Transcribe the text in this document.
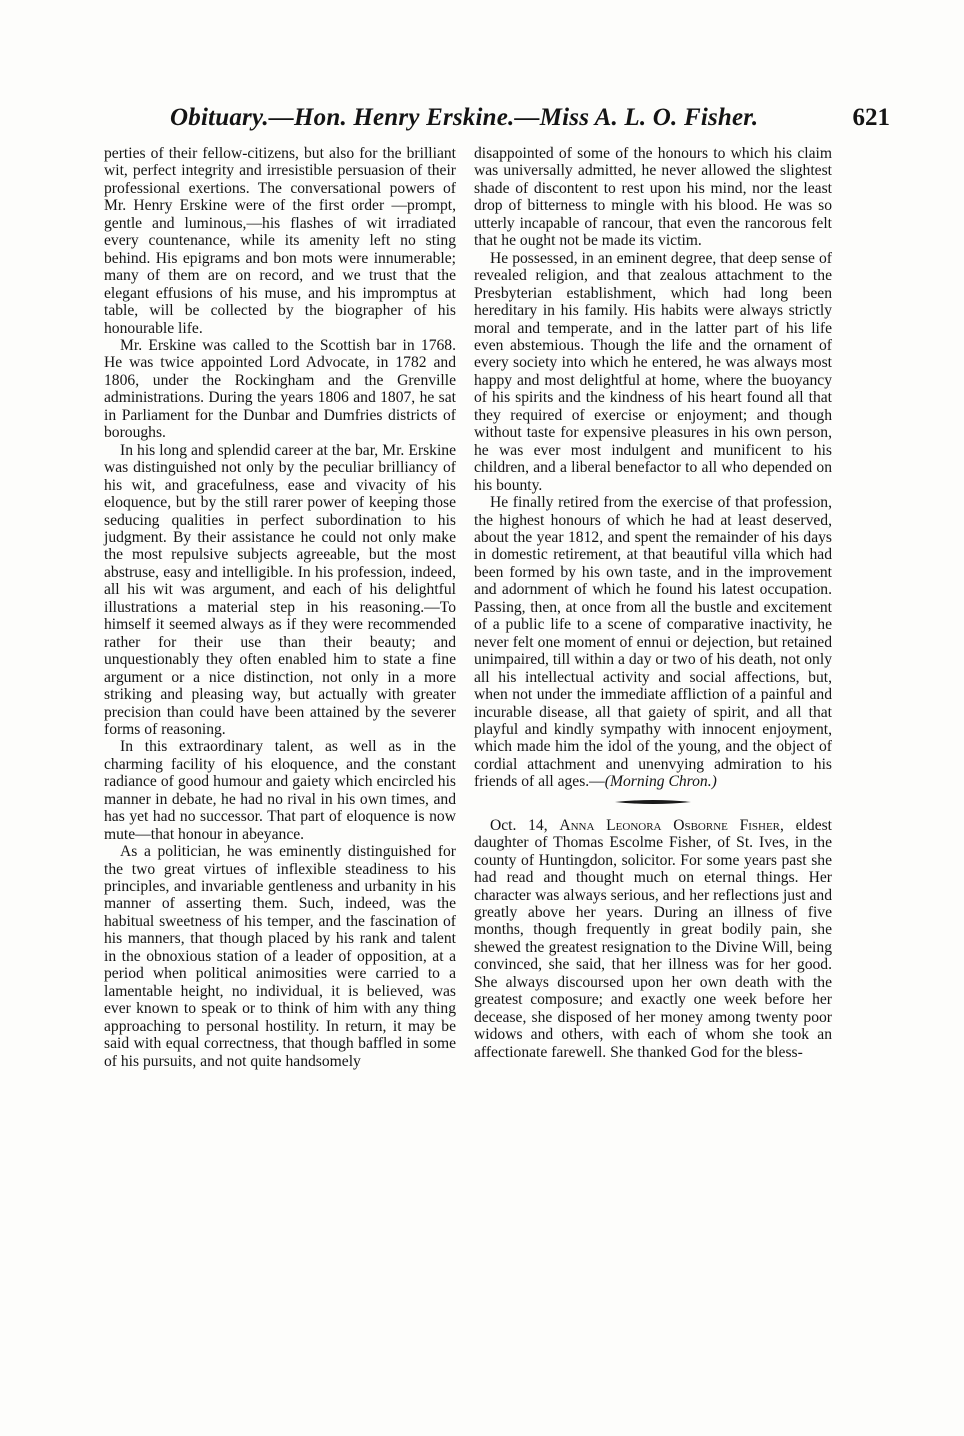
Obituary.—Hon. Henry Erskine.—Miss A. L. O. Fisher.	621

perties of their fellow-citizens, but also for the brilliant wit, perfect integrity and irresistible persuasion of their professional exertions. The conversational powers of Mr. Henry Erskine were of the first order —prompt, gentle and luminous,—his flashes of wit irradiated every countenance, while its amenity left no sting behind. His epigrams and bon mots were innumerable; many of them are on record, and we trust that the elegant effusions of his muse, and his impromptus at table, will be collected by the biographer of his honourable life.

Mr. Erskine was called to the Scottish bar in 1768. He was twice appointed Lord Advocate, in 1782 and 1806, under the Rockingham and the Grenville administrations. During the years 1806 and 1807, he sat in Parliament for the Dunbar and Dumfries districts of boroughs.

In his long and splendid career at the bar, Mr. Erskine was distinguished not only by the peculiar brilliancy of his wit, and gracefulness, ease and vivacity of his eloquence, but by the still rarer power of keeping those seducing qualities in perfect subordination to his judgment. By their assistance he could not only make the most repulsive subjects agreeable, but the most abstruse, easy and intelligible. In his profession, indeed, all his wit was argument, and each of his delightful illustrations a material step in his reasoning.—To himself it seemed always as if they were recommended rather for their use than their beauty; and unquestionably they often enabled him to state a fine argument or a nice distinction, not only in a more striking and pleasing way, but actually with greater precision than could have been attained by the severer forms of reasoning.

In this extraordinary talent, as well as in the charming facility of his eloquence, and the constant radiance of good humour and gaiety which encircled his manner in debate, he had no rival in his own times, and has yet had no successor. That part of eloquence is now mute—that honour in abeyance.

As a politician, he was eminently distinguished for the two great virtues of inflexible steadiness to his principles, and invariable gentleness and urbanity in his manner of asserting them. Such, indeed, was the habitual sweetness of his temper, and the fascination of his manners, that though placed by his rank and talent in the obnoxious station of a leader of opposition, at a period when political animosities were carried to a lamentable height, no individual, it is believed, was ever known to speak or to think of him with any thing approaching to personal hostility. In return, it may be said with equal correctness, that though baffled in some of his pursuits, and not quite handsomely

disappointed of some of the honours to which his claim was universally admitted, he never allowed the slightest shade of discontent to rest upon his mind, nor the least drop of bitterness to mingle with his blood. He was so utterly incapable of rancour, that even the rancorous felt that he ought not be made its victim.

He possessed, in an eminent degree, that deep sense of revealed religion, and that zealous attachment to the Presbyterian establishment, which had long been hereditary in his family. His habits were always strictly moral and temperate, and in the latter part of his life even abstemious. Though the life and the ornament of every society into which he entered, he was always most happy and most delightful at home, where the buoyancy of his spirits and the kindness of his heart found all that they required of exercise or enjoyment; and though without taste for expensive pleasures in his own person, he was ever most indulgent and munificent to his children, and a liberal benefactor to all who depended on his bounty.

He finally retired from the exercise of that profession, the highest honours of which he had at least deserved, about the year 1812, and spent the remainder of his days in domestic retirement, at that beautiful villa which had been formed by his own taste, and in the improvement and adornment of which he found his latest occupation. Passing, then, at once from all the bustle and excitement of a public life to a scene of comparative inactivity, he never felt one moment of ennui or dejection, but retained unimpaired, till within a day or two of his death, not only all his intellectual activity and social affections, but, when not under the immediate affliction of a painful and incurable disease, all that gaiety of spirit, and all that playful and kindly sympathy with innocent enjoyment, which made him the idol of the young, and the object of cordial attachment and unenvying admiration to his friends of all ages.—(Morning Chron.)

Oct. 14, Anna Leonora Osborne Fisher, eldest daughter of Thomas Escolme Fisher, of St. Ives, in the county of Huntingdon, solicitor. For some years past she had read and thought much on eternal things. Her character was always serious, and her reflections just and greatly above her years. During an illness of five months, though frequently in great bodily pain, she shewed the greatest resignation to the Divine Will, being convinced, she said, that her illness was for her good. She always discoursed upon her own death with the greatest composure; and exactly one week before her decease, she disposed of her money among twenty poor widows and others, with each of whom she took an affectionate farewell. She thanked God for the bless-
